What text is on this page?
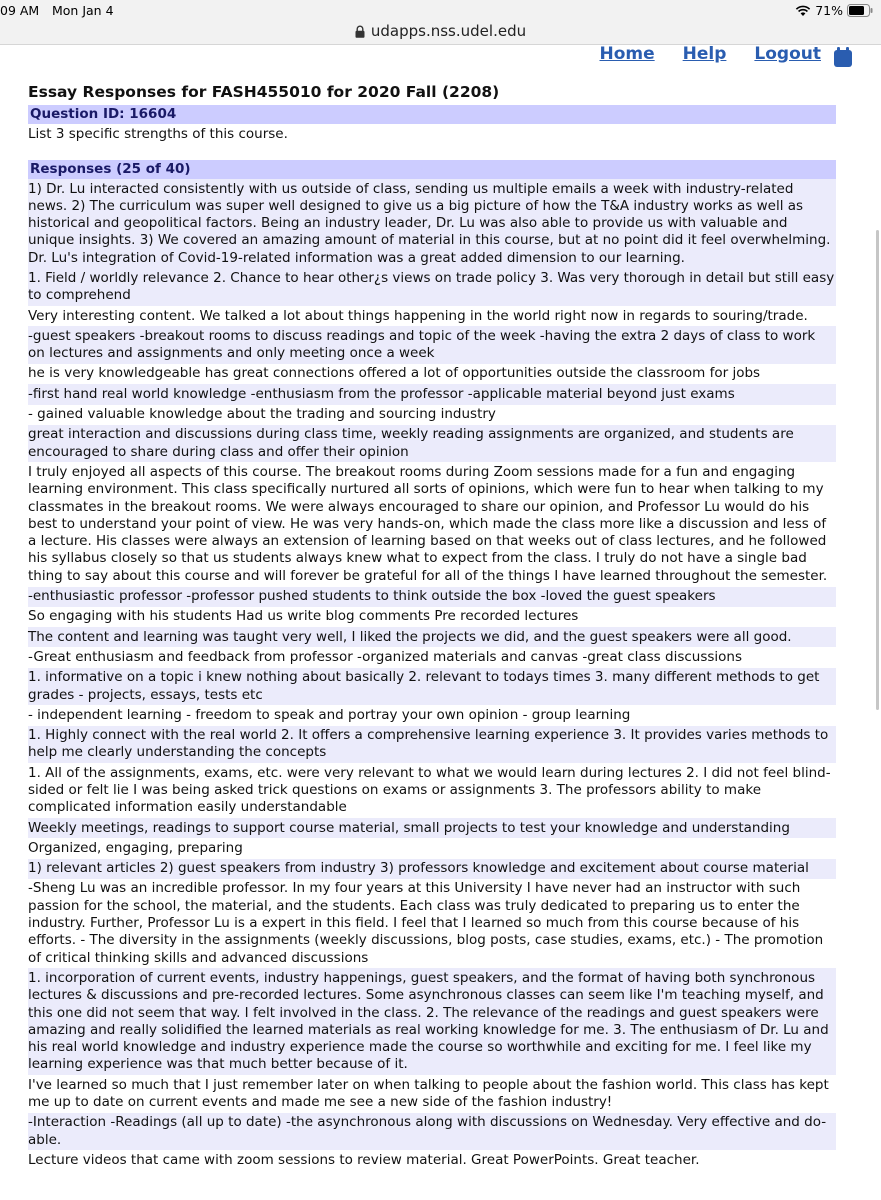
09 AM Mon Jan 4	71%
udapps.nss.udel.edu
Home Help Logout
Essay Responses for FASH455010 for 2020 Fall (2208)
Question ID: 16604
List 3 specific strengths of this course.
Responses (25 of 40)
1) Dr. Lu interacted consistently with us outside of class, sending us multiple emails a week with industry-related news. 2) The curriculum was super well designed to give us a big picture of how the T&A industry works as well as historical and geopolitical factors. Being an industry leader, Dr. Lu was also able to provide us with valuable and unique insights. 3) We covered an amazing amount of material in this course, but at no point did it feel overwhelming. Dr. Lu's integration of Covid-19-related information was a great added dimension to our learning.
1. Field / worldly relevance 2. Chance to hear other¿s views on trade policy 3. Was very thorough in detail but still easy to comprehend
Very interesting content. We talked a lot about things happening in the world right now in regards to souring/trade.
-guest speakers -breakout rooms to discuss readings and topic of the week -having the extra 2 days of class to work on lectures and assignments and only meeting once a week
he is very knowledgeable has great connections offered a lot of opportunities outside the classroom for jobs
-first hand real world knowledge -enthusiasm from the professor -applicable material beyond just exams
- gained valuable knowledge about the trading and sourcing industry
great interaction and discussions during class time, weekly reading assignments are organized, and students are encouraged to share during class and offer their opinion
I truly enjoyed all aspects of this course. The breakout rooms during Zoom sessions made for a fun and engaging learning environment. This class specifically nurtured all sorts of opinions, which were fun to hear when talking to my classmates in the breakout rooms. We were always encouraged to share our opinion, and Professor Lu would do his best to understand your point of view. He was very hands-on, which made the class more like a discussion and less of a lecture. His classes were always an extension of learning based on that weeks out of class lectures, and he followed his syllabus closely so that us students always knew what to expect from the class. I truly do not have a single bad thing to say about this course and will forever be grateful for all of the things I have learned throughout the semester.
-enthusiastic professor -professor pushed students to think outside the box -loved the guest speakers
So engaging with his students Had us write blog comments Pre recorded lectures
The content and learning was taught very well, I liked the projects we did, and the guest speakers were all good.
-Great enthusiasm and feedback from professor -organized materials and canvas -great class discussions
1. informative on a topic i knew nothing about basically 2. relevant to todays times 3. many different methods to get grades - projects, essays, tests etc
- independent learning - freedom to speak and portray your own opinion - group learning
1. Highly connect with the real world 2. It offers a comprehensive learning experience 3. It provides varies methods to help me clearly understanding the concepts
1. All of the assignments, exams, etc. were very relevant to what we would learn during lectures 2. I did not feel blind-sided or felt lie I was being asked trick questions on exams or assignments 3. The professors ability to make complicated information easily understandable
Weekly meetings, readings to support course material, small projects to test your knowledge and understanding
Organized, engaging, preparing
1) relevant articles 2) guest speakers from industry 3) professors knowledge and excitement about course material
-Sheng Lu was an incredible professor. In my four years at this University I have never had an instructor with such passion for the school, the material, and the students. Each class was truly dedicated to preparing us to enter the industry. Further, Professor Lu is a expert in this field. I feel that I learned so much from this course because of his efforts. - The diversity in the assignments (weekly discussions, blog posts, case studies, exams, etc.) - The promotion of critical thinking skills and advanced discussions
1. incorporation of current events, industry happenings, guest speakers, and the format of having both synchronous lectures & discussions and pre-recorded lectures. Some asynchronous classes can seem like I'm teaching myself, and this one did not seem that way. I felt involved in the class. 2. The relevance of the readings and guest speakers were amazing and really solidified the learned materials as real working knowledge for me. 3. The enthusiasm of Dr. Lu and his real world knowledge and industry experience made the course so worthwhile and exciting for me. I feel like my learning experience was that much better because of it.
I've learned so much that I just remember later on when talking to people about the fashion world. This class has kept me up to date on current events and made me see a new side of the fashion industry!
-Interaction -Readings (all up to date) -the asynchronous along with discussions on Wednesday. Very effective and do-able.
Lecture videos that came with zoom sessions to review material. Great PowerPoints. Great teacher.
